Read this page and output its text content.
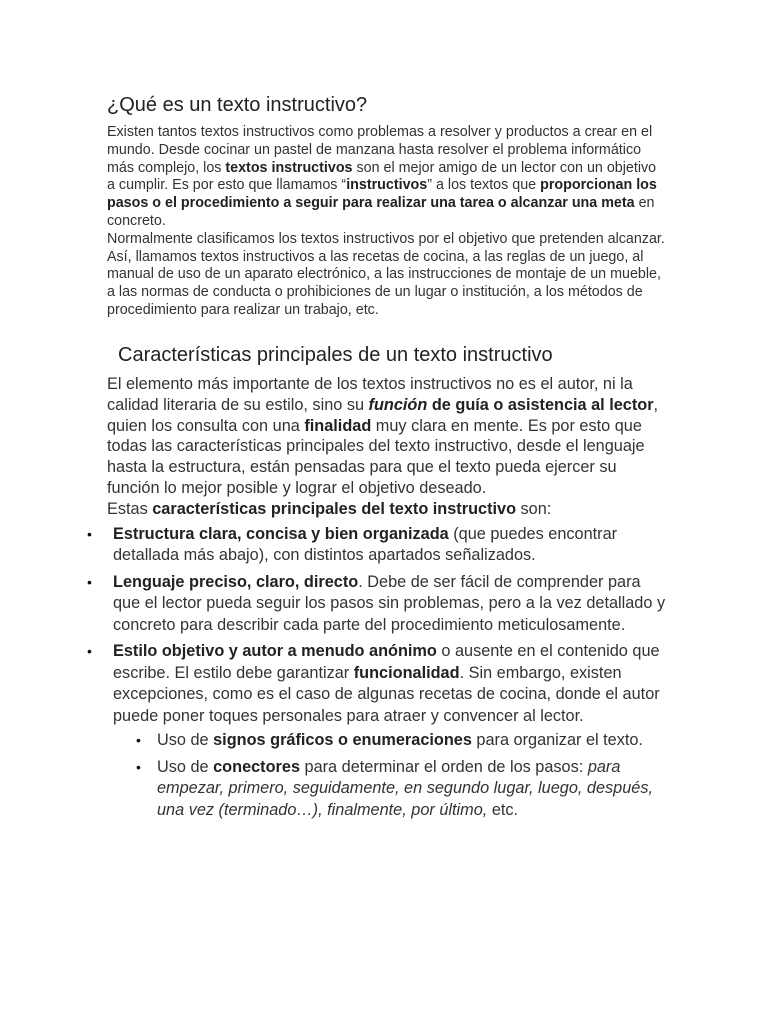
¿Qué es un texto instructivo?

Existen tantos textos instructivos como problemas a resolver y productos a crear en el mundo. Desde cocinar un pastel de manzana hasta resolver el problema informático más complejo, los textos instructivos son el mejor amigo de un lector con un objetivo a cumplir. Es por esto que llamamos “instructivos” a los textos que proporcionan los pasos o el procedimiento a seguir para realizar una tarea o alcanzar una meta en concreto.

Normalmente clasificamos los textos instructivos por el objetivo que pretenden alcanzar. Así, llamamos textos instructivos a las recetas de cocina, a las reglas de un juego, al manual de uso de un aparato electrónico, a las instrucciones de montaje de un mueble, a las normas de conducta o prohibiciones de un lugar o institución, a los métodos de procedimiento para realizar un trabajo, etc.

Características principales de un texto instructivo

El elemento más importante de los textos instructivos no es el autor, ni la calidad literaria de su estilo, sino su función de guía o asistencia al lector, quien los consulta con una finalidad muy clara en mente. Es por esto que todas las características principales del texto instructivo, desde el lenguaje hasta la estructura, están pensadas para que el texto pueda ejercer su función lo mejor posible y lograr el objetivo deseado.

Estas características principales del texto instructivo son:

• Estructura clara, concisa y bien organizada (que puedes encontrar detallada más abajo), con distintos apartados señalizados.
• Lenguaje preciso, claro, directo. Debe de ser fácil de comprender para que el lector pueda seguir los pasos sin problemas, pero a la vez detallado y concreto para describir cada parte del procedimiento meticulosamente.
• Estilo objetivo y autor a menudo anónimo o ausente en el contenido que escribe. El estilo debe garantizar funcionalidad. Sin embargo, existen excepciones, como es el caso de algunas recetas de cocina, donde el autor puede poner toques personales para atraer y convencer al lector.
• Uso de signos gráficos o enumeraciones para organizar el texto.
• Uso de conectores para determinar el orden de los pasos: para empezar, primero, seguidamente, en segundo lugar, luego, después, una vez (terminado…), finalmente, por último, etc.
